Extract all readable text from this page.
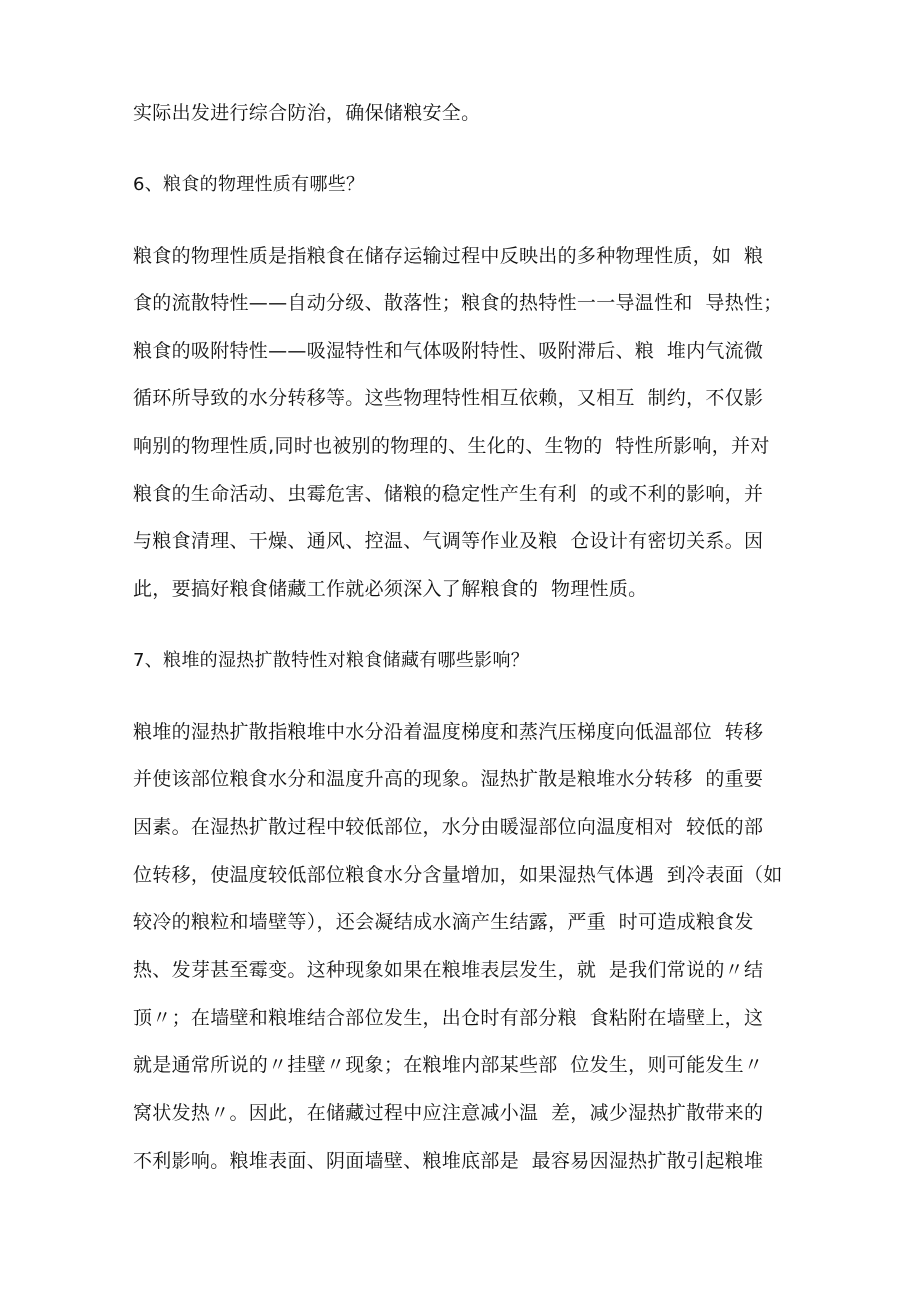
实际出发进行综合防治，确保储粮安全。
6、粮食的物理性质有哪些？
粮食的物理性质是指粮食在储存运输过程中反映出的多种物理性质，如  粮
食的流散特性——自动分级、散落性；粮食的热特性一一导温性和  导热性；
粮食的吸附特性——吸湿特性和气体吸附特性、吸附滞后、粮  堆内气流微
循环所导致的水分转移等。这些物理特性相互依赖，又相互  制约，不仅影
响别的物理性质,同时也被别的物理的、生化的、生物的  特性所影响，并对
粮食的生命活动、虫霉危害、储粮的稳定性产生有利  的或不利的影响，并
与粮食清理、干燥、通风、控温、气调等作业及粮  仓设计有密切关系。因
此，要搞好粮食储藏工作就必须深入了解粮食的  物理性质。
7、粮堆的湿热扩散特性对粮食储藏有哪些影响？
粮堆的湿热扩散指粮堆中水分沿着温度梯度和蒸汽压梯度向低温部位  转移
并使该部位粮食水分和温度升高的现象。湿热扩散是粮堆水分转移  的重要
因素。在湿热扩散过程中较低部位，水分由暖湿部位向温度相对  较低的部
位转移，使温度较低部位粮食水分含量增加，如果湿热气体遇  到冷表面（如
较冷的粮粒和墙壁等），还会凝结成水滴产生结露，严重  时可造成粮食发
热、发芽甚至霉变。这种现象如果在粮堆表层发生，就  是我们常说的〃结
顶〃；在墙壁和粮堆结合部位发生，出仓时有部分粮  食粘附在墙壁上，这
就是通常所说的〃挂壁〃现象；在粮堆内部某些部  位发生，则可能发生〃
窝状发热〃。因此，在储藏过程中应注意减小温  差，减少湿热扩散带来的
不利影响。粮堆表面、阴面墙壁、粮堆底部是  最容易因湿热扩散引起粮堆
